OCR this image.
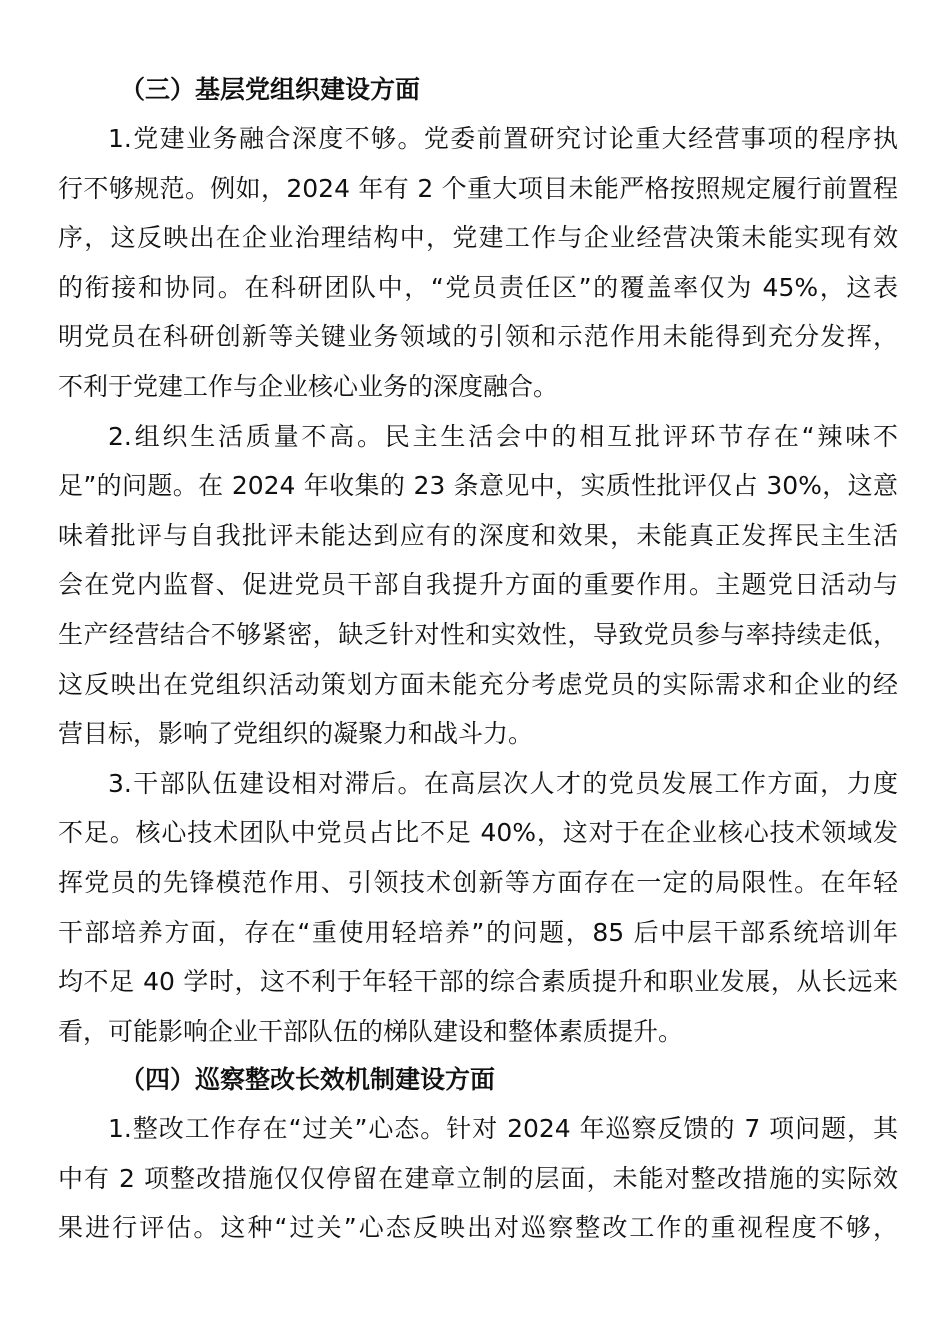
（三）基层党组织建设方面
1.党建业务融合深度不够。党委前置研究讨论重大经营事项的程序执
行不够规范。例如，2024 年有 2 个重大项目未能严格按照规定履行前置程
序，这反映出在企业治理结构中，党建工作与企业经营决策未能实现有效
的衔接和协同。在科研团队中，“党员责任区”的覆盖率仅为 45%，这表
明党员在科研创新等关键业务领域的引领和示范作用未能得到充分发挥，
不利于党建工作与企业核心业务的深度融合。
2.组织生活质量不高。民主生活会中的相互批评环节存在“辣味不
足”的问题。在 2024 年收集的 23 条意见中，实质性批评仅占 30%，这意
味着批评与自我批评未能达到应有的深度和效果，未能真正发挥民主生活
会在党内监督、促进党员干部自我提升方面的重要作用。主题党日活动与
生产经营结合不够紧密，缺乏针对性和实效性，导致党员参与率持续走低，
这反映出在党组织活动策划方面未能充分考虑党员的实际需求和企业的经
营目标，影响了党组织的凝聚力和战斗力。
3.干部队伍建设相对滞后。在高层次人才的党员发展工作方面，力度
不足。核心技术团队中党员占比不足 40%，这对于在企业核心技术领域发
挥党员的先锋模范作用、引领技术创新等方面存在一定的局限性。在年轻
干部培养方面，存在“重使用轻培养”的问题，85 后中层干部系统培训年
均不足 40 学时，这不利于年轻干部的综合素质提升和职业发展，从长远来
看，可能影响企业干部队伍的梯队建设和整体素质提升。
（四）巡察整改长效机制建设方面
1.整改工作存在“过关”心态。针对 2024 年巡察反馈的 7 项问题，其
中有 2 项整改措施仅仅停留在建章立制的层面，未能对整改措施的实际效
果进行评估。这种“过关”心态反映出对巡察整改工作的重视程度不够，
